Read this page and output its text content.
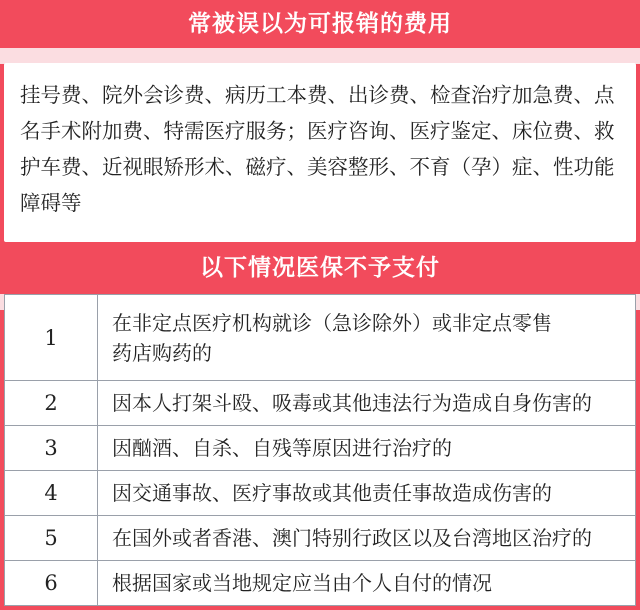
常被误以为可报销的费用

挂号费、院外会诊费、病历工本费、出诊费、检查治疗加急费、点名手术附加费、特需医疗服务；医疗咨询、医疗鉴定、床位费、救护车费、近视眼矫形术、磁疗、美容整形、不育（孕）症、性功能障碍等

以下情况医保不予支付
1	在非定点医疗机构就诊（急诊除外）或非定点零售
药店购药的

2	因本人打架斗殴、吸毒或其他违法行为造成自身伤害的
3	因酗酒、自杀、自残等原因进行治疗的
4	因交通事故、医疗事故或其他责任事故造成伤害的
5	在国外或者香港、澳门特别行政区以及台湾地区治疗的
6	根据国家或当地规定应当由个人自付的情况
